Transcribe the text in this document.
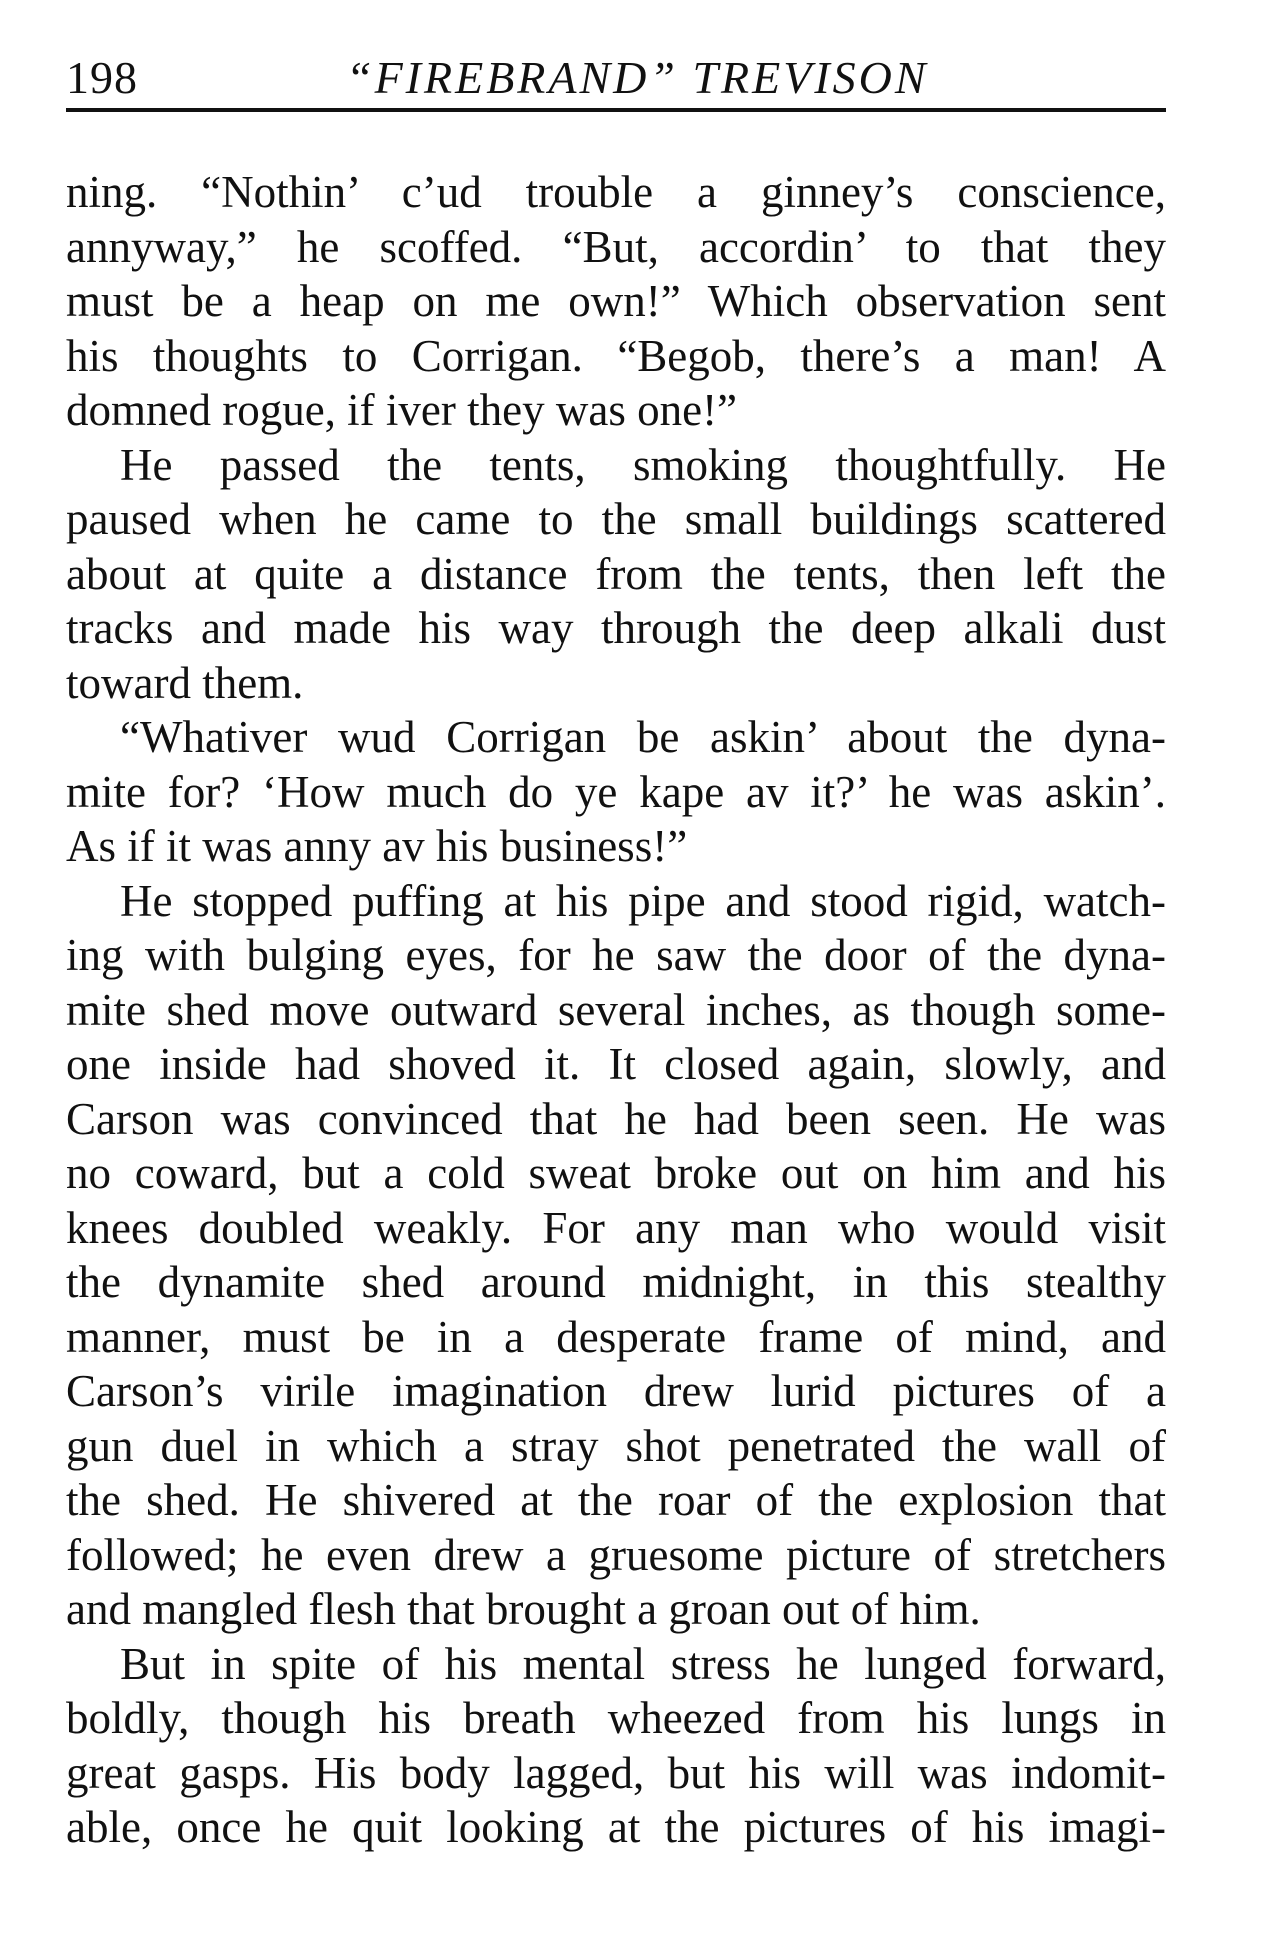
198	“FIREBRAND” TREVISON
ning. “Nothin’ c’ud trouble a ginney’s conscience,
annyway,” he scoffed. “But, accordin’ to that they
must be a heap on me own!” Which observation sent
his thoughts to Corrigan. “Begob, there’s a man! A
domned rogue, if iver they was one!”
He passed the tents, smoking thoughtfully. He
paused when he came to the small buildings scattered
about at quite a distance from the tents, then left the
tracks and made his way through the deep alkali dust
toward them.
“Whativer wud Corrigan be askin’ about the dyna-
mite for? ‘How much do ye kape av it?’ he was askin’.
As if it was anny av his business!”
He stopped puffing at his pipe and stood rigid, watch-
ing with bulging eyes, for he saw the door of the dyna-
mite shed move outward several inches, as though some-
one inside had shoved it. It closed again, slowly, and
Carson was convinced that he had been seen. He was
no coward, but a cold sweat broke out on him and his
knees doubled weakly. For any man who would visit
the dynamite shed around midnight, in this stealthy
manner, must be in a desperate frame of mind, and
Carson’s virile imagination drew lurid pictures of a
gun duel in which a stray shot penetrated the wall of
the shed. He shivered at the roar of the explosion that
followed; he even drew a gruesome picture of stretchers
and mangled flesh that brought a groan out of him.
But in spite of his mental stress he lunged forward,
boldly, though his breath wheezed from his lungs in
great gasps. His body lagged, but his will was indomit-
able, once he quit looking at the pictures of his imagi-
